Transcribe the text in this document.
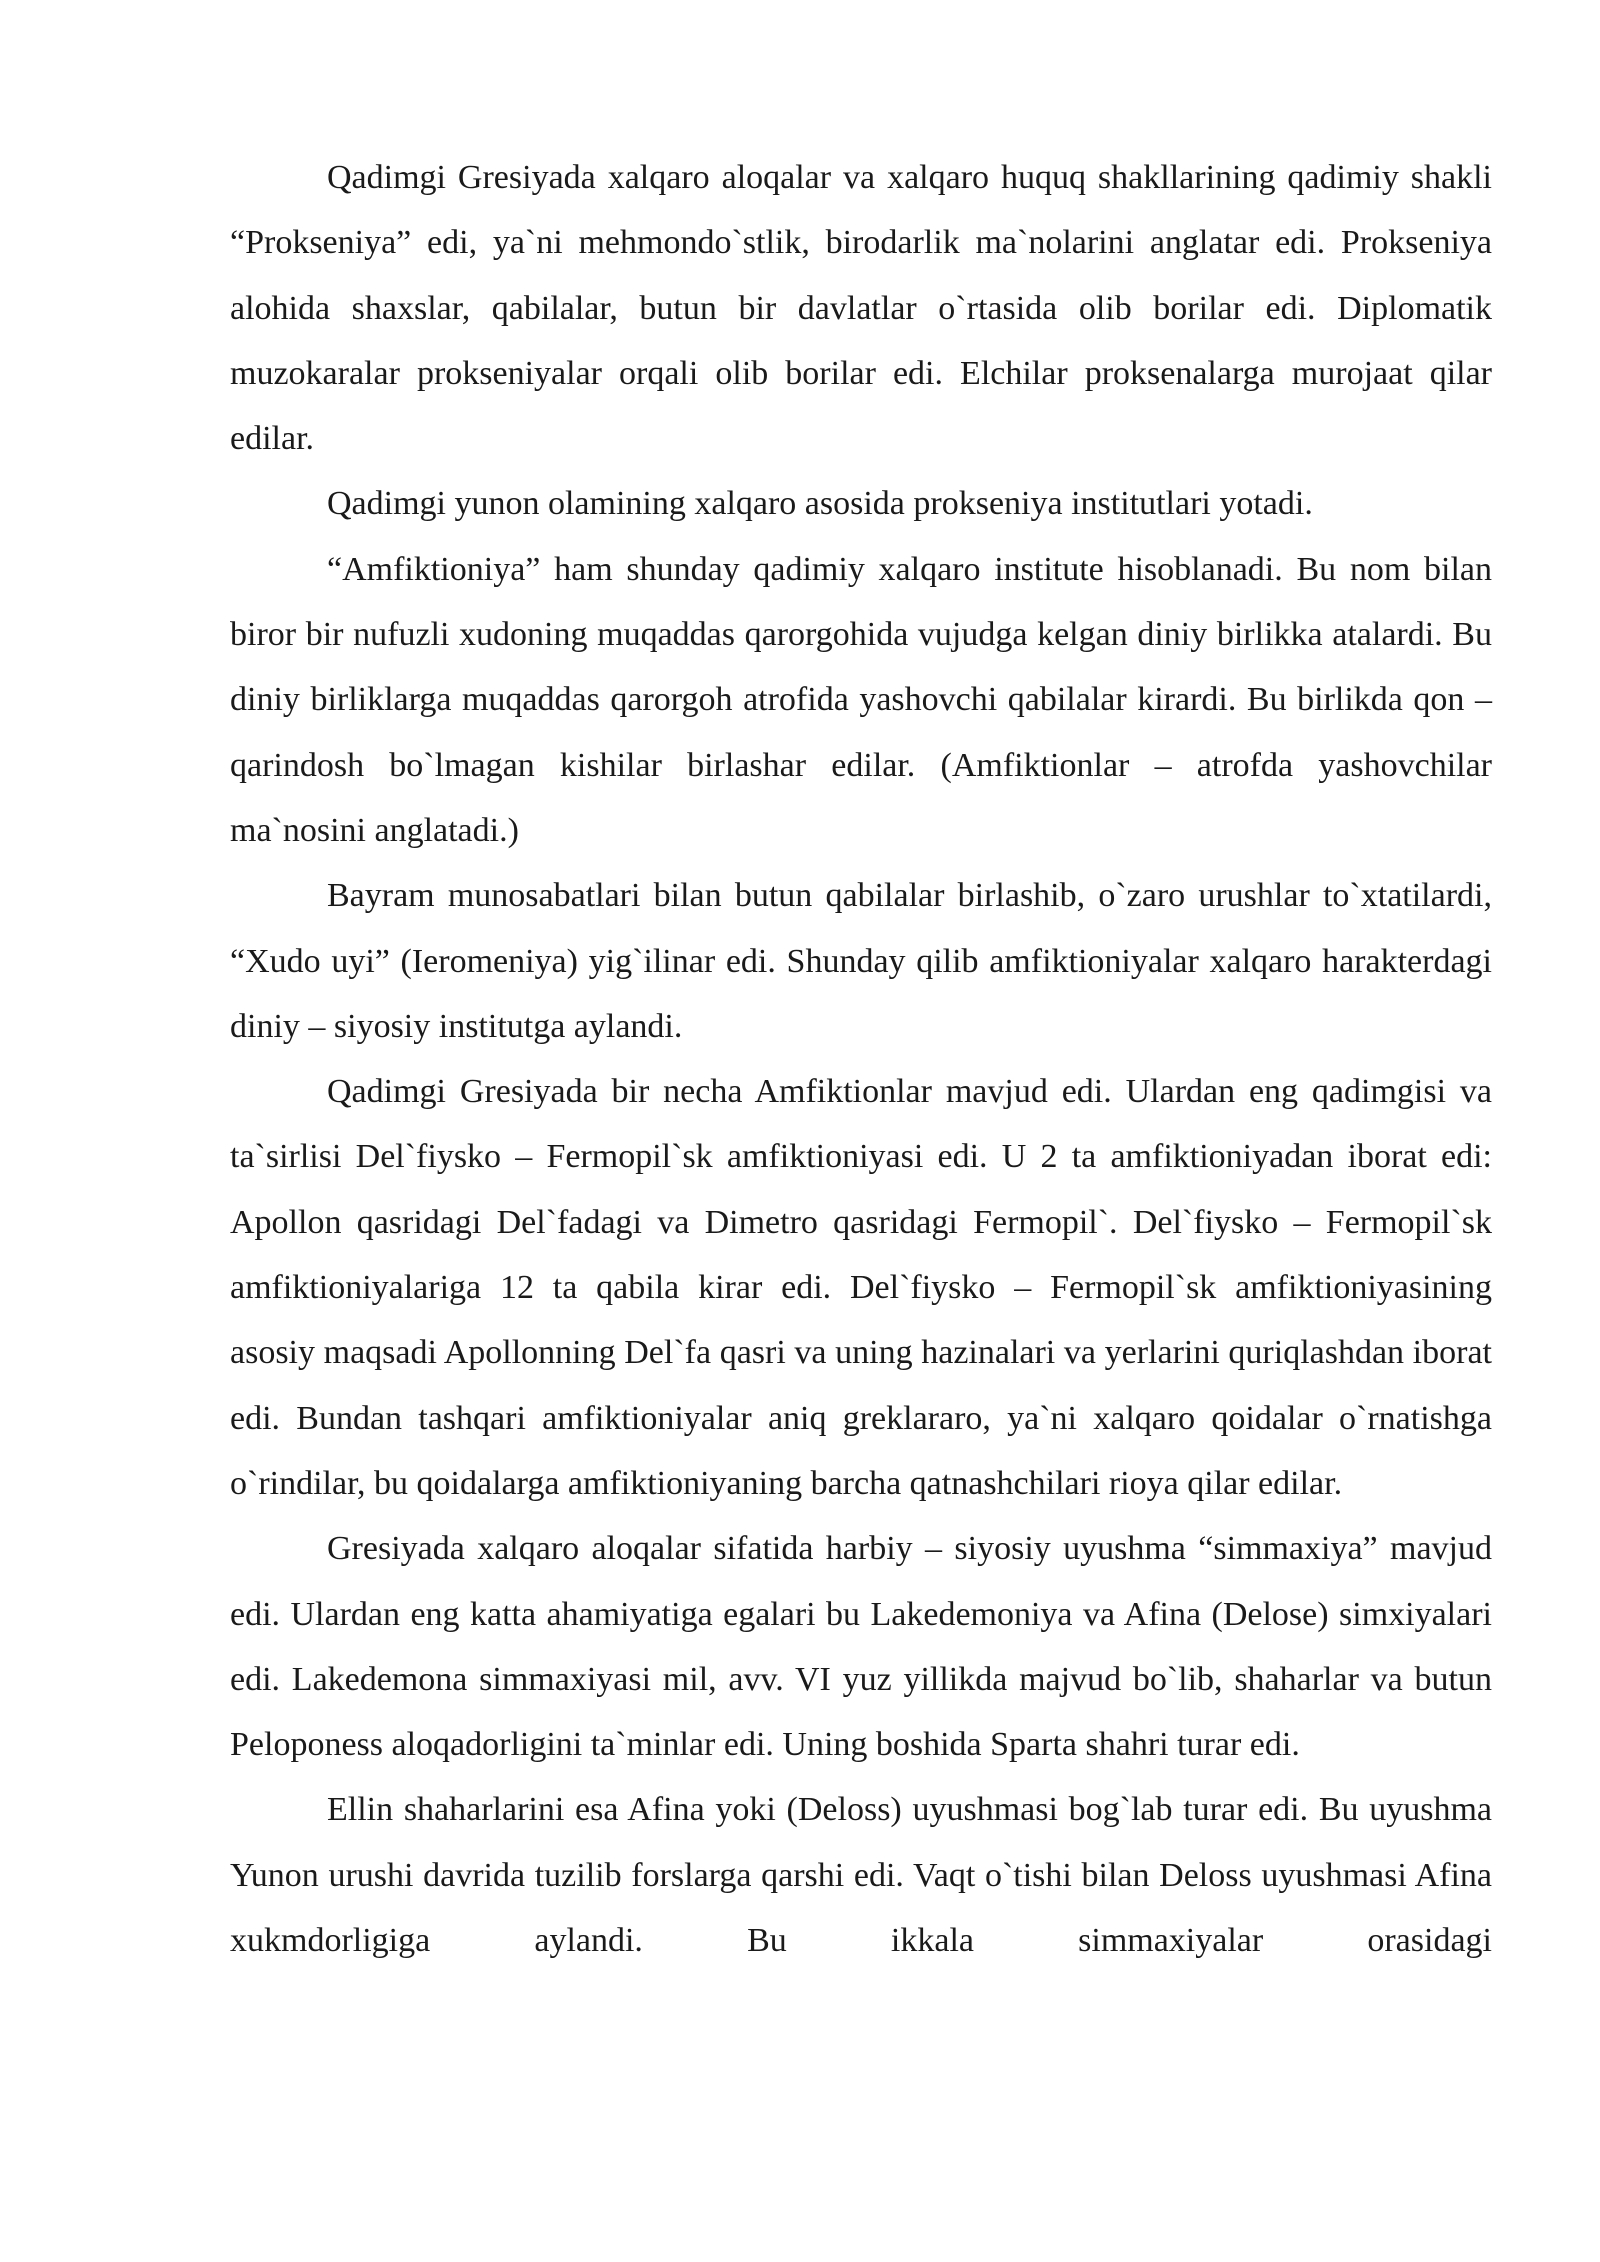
Qadimgi Gresiyada xalqaro aloqalar va xalqaro huquq shakllarining qadimiy shakli “Prokseniya” edi, ya`ni mehmondo`stlik, birodarlik ma`nolarini anglatar edi. Prokseniya alohida shaxslar, qabilalar, butun bir davlatlar o`rtasida olib borilar edi. Diplomatik muzokaralar prokseniyalar orqali olib borilar edi. Elchilar proksenalarga murojaat qilar edilar.

Qadimgi yunon olamining xalqaro asosida prokseniya institutlari yotadi.

“Amfiktioniya” ham shunday qadimiy xalqaro institute hisoblanadi. Bu nom bilan biror bir nufuzli xudoning muqaddas qarorgohida vujudga kelgan diniy birlikka atalardi. Bu diniy birliklarga muqaddas qarorgoh atrofida yashovchi qabilalar kirardi. Bu birlikda qon – qarindosh bo`lmagan kishilar birlashar edilar. (Amfiktionlar – atrofda yashovchilar ma`nosini anglatadi.)

Bayram munosabatlari bilan butun qabilalar birlashib, o`zaro urushlar to`xtatilardi, “Xudo uyi” (Ieromeniya) yig`ilinar edi. Shunday qilib amfiktioniyalar xalqaro harakterdagi diniy – siyosiy institutga aylandi.

Qadimgi Gresiyada bir necha Amfiktionlar mavjud edi. Ulardan eng qadimgisi va ta`sirlisi Del`fiysko – Fermopil`sk amfiktioniyasi edi. U 2 ta amfiktioniyadan iborat edi: Apollon qasridagi Del`fadagi va Dimetro qasridagi Fermopil`. Del`fiysko – Fermopil`sk amfiktioniyalariga 12 ta qabila kirar edi. Del`fiysko – Fermopil`sk amfiktioniyasining asosiy maqsadi Apollonning Del`fa qasri va uning hazinalari va yerlarini quriqlashdan iborat edi. Bundan tashqari amfiktioniyalar aniq greklararo, ya`ni xalqaro qoidalar o`rnatishga o`rindilar, bu qoidalarga amfiktioniyaning barcha qatnashchilari rioya qilar edilar.

Gresiyada xalqaro aloqalar sifatida harbiy – siyosiy uyushma “simmaxiya” mavjud edi. Ulardan eng katta ahamiyatiga egalari bu Lakedemoniya va Afina (Delose) simxiyalari edi. Lakedemona simmaxiyasi mil, avv. VI yuz yillikda majvud bo`lib, shaharlar va butun Peloponess aloqadorligini ta`minlar edi. Uning boshida Sparta shahri turar edi.

Ellin shaharlarini esa Afina yoki (Deloss) uyushmasi bog`lab turar edi. Bu uyushma Yunon urushi davrida tuzilib forslarga qarshi edi. Vaqt o`tishi bilan Deloss uyushmasi Afina xukmdorligiga aylandi. Bu ikkala simmaxiyalar orasidagi
